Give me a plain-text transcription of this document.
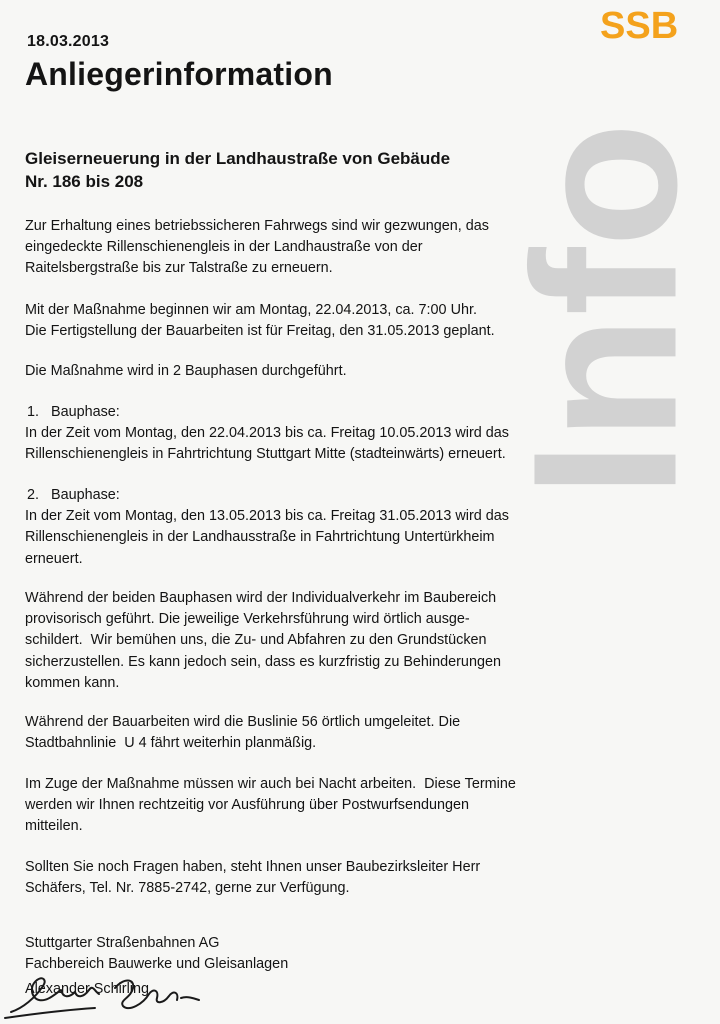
Info
SSB
18.03.2013
Anliegerinformation
Gleiserneuerung in der Landhaustraße von Gebäude
Nr. 186 bis 208

Zur Erhaltung eines betriebssicheren Fahrwegs sind wir gezwungen, das

eingedeckte Rillenschienengleis in der Landhaustraße von der

Raitelsbergstraße bis zur Talstraße zu erneuern.

Mit der Maßnahme beginnen wir am Montag, 22.04.2013, ca. 7:00 Uhr.

Die Fertigstellung der Bauarbeiten ist für Freitag, den 31.05.2013 geplant.

Die Maßnahme wird in 2 Bauphasen durchgeführt.

1.   Bauphase:

In der Zeit vom Montag, den 22.04.2013 bis ca. Freitag 10.05.2013 wird das

Rillenschienengleis in Fahrtrichtung Stuttgart Mitte (stadteinwärts) erneuert.

2.   Bauphase:

In der Zeit vom Montag, den 13.05.2013 bis ca. Freitag 31.05.2013 wird das

Rillenschienengleis in der Landhausstraße in Fahrtrichtung Untertürkheim

erneuert.

Während der beiden Bauphasen wird der Individualverkehr im Baubereich

provisorisch geführt. Die jeweilige Verkehrsführung wird örtlich ausge-

schildert.  Wir bemühen uns, die Zu- und Abfahren zu den Grundstücken

sicherzustellen. Es kann jedoch sein, dass es kurzfristig zu Behinderungen

kommen kann.

Während der Bauarbeiten wird die Buslinie 56 örtlich umgeleitet. Die

Stadtbahnlinie  U 4 fährt weiterhin planmäßig.

Im Zuge der Maßnahme müssen wir auch bei Nacht arbeiten.  Diese Termine

werden wir Ihnen rechtzeitig vor Ausführung über Postwurfsendungen

mitteilen.

Sollten Sie noch Fragen haben, steht Ihnen unser Baubezirksleiter Herr

Schäfers, Tel. Nr. 7885-2742, gerne zur Verfügung.

Stuttgarter Straßenbahnen AG
Fachbereich Bauwerke und Gleisanlagen
Alexander Schirling
